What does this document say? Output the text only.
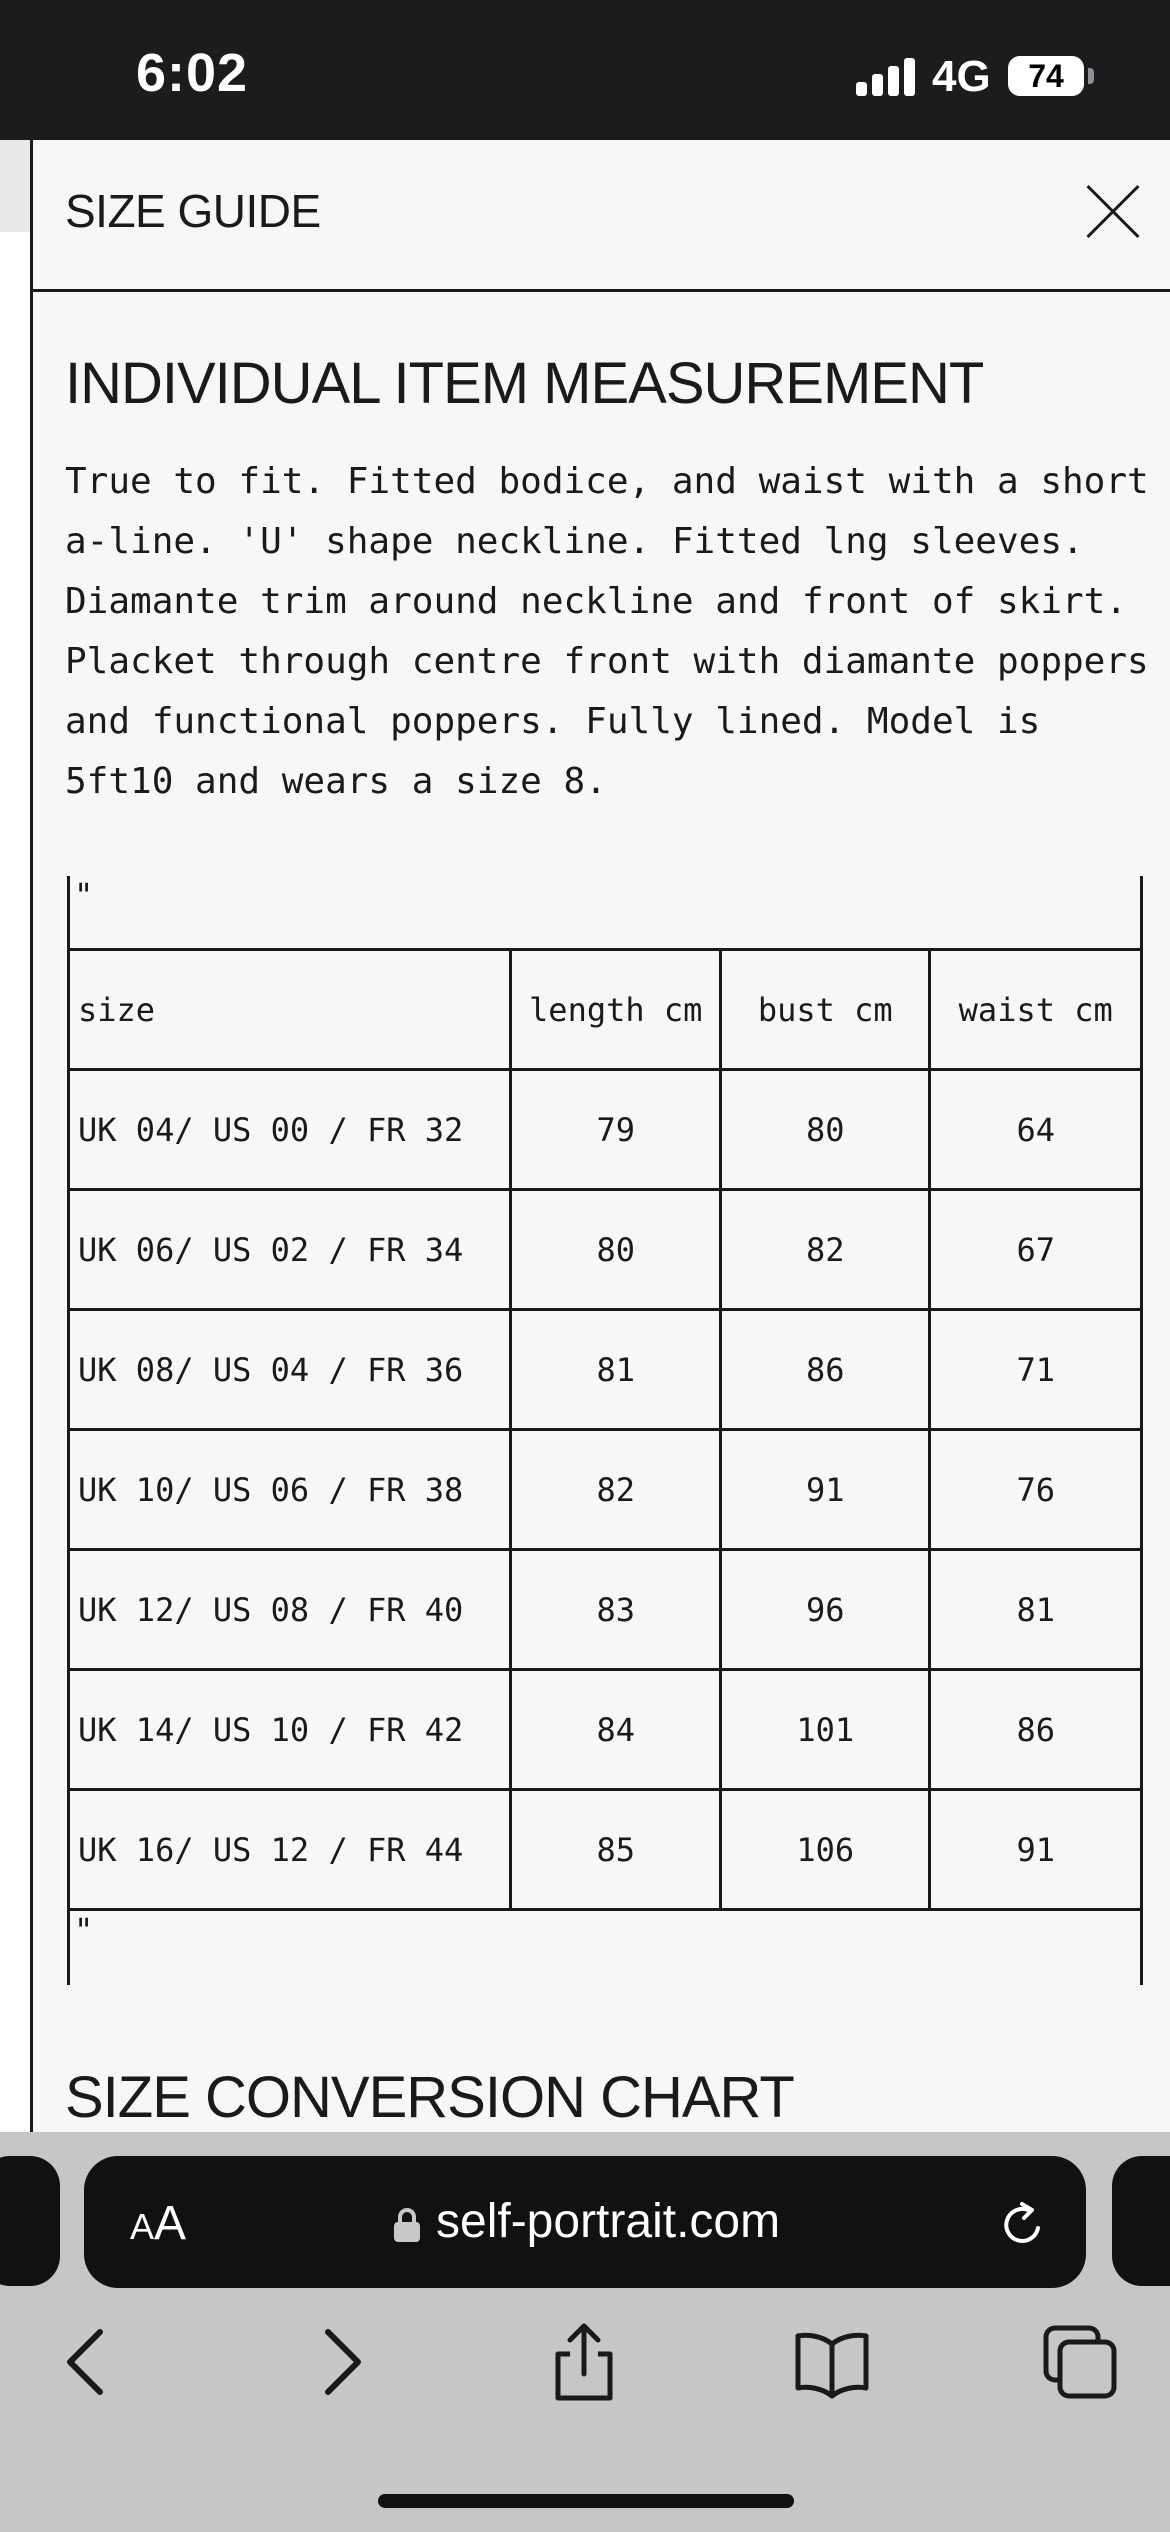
6:02	4G	74
SIZE GUIDE
INDIVIDUAL ITEM MEASUREMENT
True to fit. Fitted bodice, and waist with a short a-line. 'U' shape neckline. Fitted lng sleeves. Diamante trim around neckline and front of skirt. Placket through centre front with diamante poppers and functional poppers. Fully lined. Model is 5ft10 and wears a size 8.
"
size	length cm	bust cm	waist cm
UK 04/ US 00 / FR 32	79	80	64
UK 06/ US 02 / FR 34	80	82	67
UK 08/ US 04 / FR 36	81	86	71
UK 10/ US 06 / FR 38	82	91	76
UK 12/ US 08 / FR 40	83	96	81
UK 14/ US 10 / FR 42	84	101	86
UK 16/ US 12 / FR 44	85	106	91
"
SIZE CONVERSION CHART
AA	self-portrait.com
